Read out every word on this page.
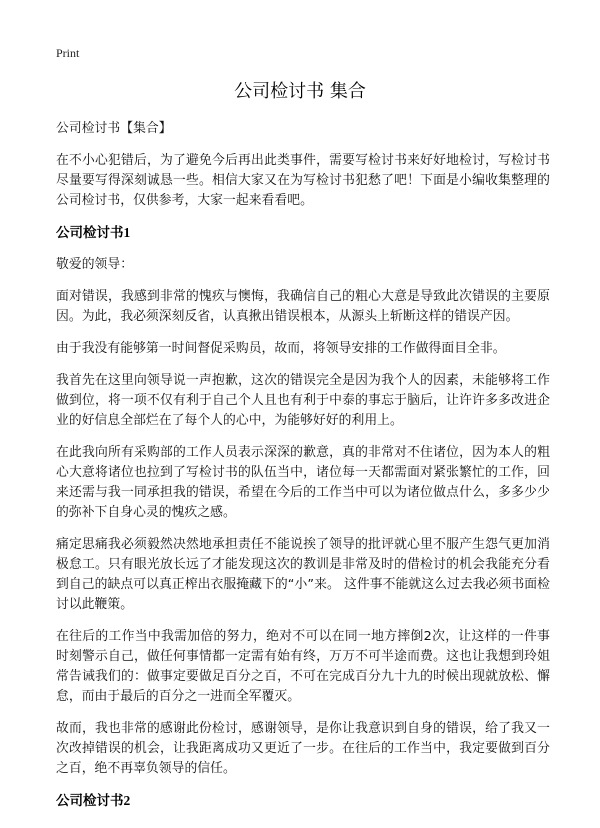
Print
公司检讨书 集合

公司检讨书【集合】

在不小心犯错后，为了避免今后再出此类事件，需要写检讨书来好好地检讨，写检讨书尽量要写得深刻诚恳一些。相信大家又在为写检讨书犯愁了吧！下面是小编收集整理的公司检讨书，仅供参考，大家一起来看看吧。

公司检讨书1

敬爱的领导：

面对错误，我感到非常的愧疚与懊悔，我确信自己的粗心大意是导致此次错误的主要原因。为此，我必须深刻反省，认真揪出错误根本，从源头上斩断这样的错误产因。

由于我没有能够第一时间督促采购员，故而，将领导安排的工作做得面目全非。

我首先在这里向领导说一声抱歉，这次的错误完全是因为我个人的因素，未能够将工作做到位，将一项不仅有利于自己个人且也有利于中泰的事忘于脑后，让许许多多改进企业的好信息全部烂在了每个人的心中，为能够好好的利用上。

在此我向所有采购部的工作人员表示深深的歉意，真的非常对不住诸位，因为本人的粗心大意将诸位也拉到了写检讨书的队伍当中，诸位每一天都需面对紧张繁忙的工作，回来还需与我一同承担我的错误，希望在今后的工作当中可以为诸位做点什么，多多少少的弥补下自身心灵的愧疚之感。

痛定思痛我必须毅然决然地承担责任不能说挨了领导的批评就心里不服产生怨气更加消极怠工。只有眼光放长远了才能发现这次的教训是非常及时的借检讨的机会我能充分看到自己的缺点可以真正榨出衣服掩藏下的“小”来。 这件事不能就这么过去我必须书面检讨以此鞭策。

在往后的工作当中我需加倍的努力，绝对不可以在同一地方摔倒2次，让这样的一件事时刻警示自己，做任何事情都一定需有始有终，万万不可半途而费。这也让我想到玲姐常告诫我们的：做事定要做足百分之百，不可在完成百分九十九的时候出现就放松、懈怠，而由于最后的百分之一进而全军覆灭。

故而，我也非常的感谢此份检讨，感谢领导，是你让我意识到自身的错误，给了我又一次改掉错误的机会，让我距离成功又更近了一步。在往后的工作当中，我定要做到百分之百，绝不再辜负领导的信任。

公司检讨书2
